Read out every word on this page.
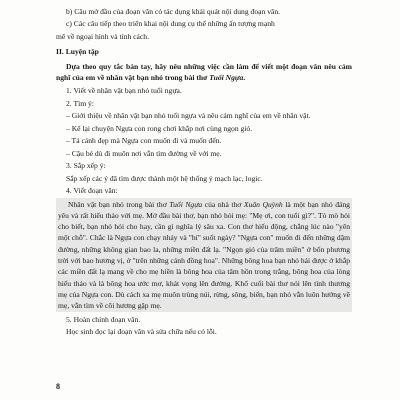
b) Câu mở đầu của đoạn văn có tác dụng khái quát nội dung đoạn văn.

c) Các câu tiếp theo triển khai nội dung cụ thể những ấn tượng mạnh

mẽ về ngoại hình và tính cách.

II. Luyện tập

Dựa theo quy tắc bàn tay, hãy nêu những việc cần làm để viết một đoạn văn nêu cảm nghĩ của em về nhân vật bạn nhỏ trong bài thơ Tuổi Ngựa.

1. Viết về nhân vật bạn nhỏ tuổi ngựa.

2. Tìm ý:

– Giới thiệu về nhân vật bạn nhỏ tuổi ngựa và nêu cảm nghĩ của em về nhân vật.

– Kể lại chuyện Ngựa con rong chơi khắp nơi cùng ngọn gió.

– Tả cánh đẹp mà Ngựa con muốn đi và muốn đến.

– Cậu bé dù đi muôn nơi vẫn tìm đường về với mẹ.

3. Sắp xếp ý:

Sắp xếp các ý đã tìm được thành một hệ thống ý mạch lạc, logic.

4. Viết đoạn văn:

Nhân vật bạn nhỏ trong bài thơ Tuổi Ngựa của nhà thơ Xuân Quỳnh là một bạn nhỏ đáng yêu và rất hiếu thảo với mẹ. Mở đầu bài thơ, bạn nhỏ hỏi mẹ: "Mẹ ơi, con tuổi gì?". Tò mò hỏi cho biết, bạn nhỏ hỏi cho hay, cần gì nghĩa lý sâu xa. Con thơ hiếu động, chẳng lúc nào "yên một chỗ". Chắc là Ngựa con chạy nhảy và "hí" suốt ngày? "Ngựa con" muốn đi đến những dặm đường, những không gian bao la, những miền đất lạ. "Ngọn gió của trăm miền" ở bốn phương trời với bao hương vị, ở "trên những cánh đồng hoa". Những bông hoa bạn nhỏ hái được ở khắp các miền đất lạ mang về cho mẹ hiền là bông hoa của tâm hồn trong trắng, bông hoa của lòng hiếu thảo và là bông hoa ước mơ, khát vọng lên đường. Khổ cuối bài thơ nói lên tình thương mẹ của Ngựa con. Dù cách xa mẹ muôn trùng núi, rừng, sông, biển, bạn nhỏ vẫn luôn hướng về mẹ, vẫn tìm về cõi hương gặp mẹ.

5. Hoàn chỉnh đoạn văn.

Học sinh đọc lại đoạn văn và sửa chữa nếu có lỗi.

8
